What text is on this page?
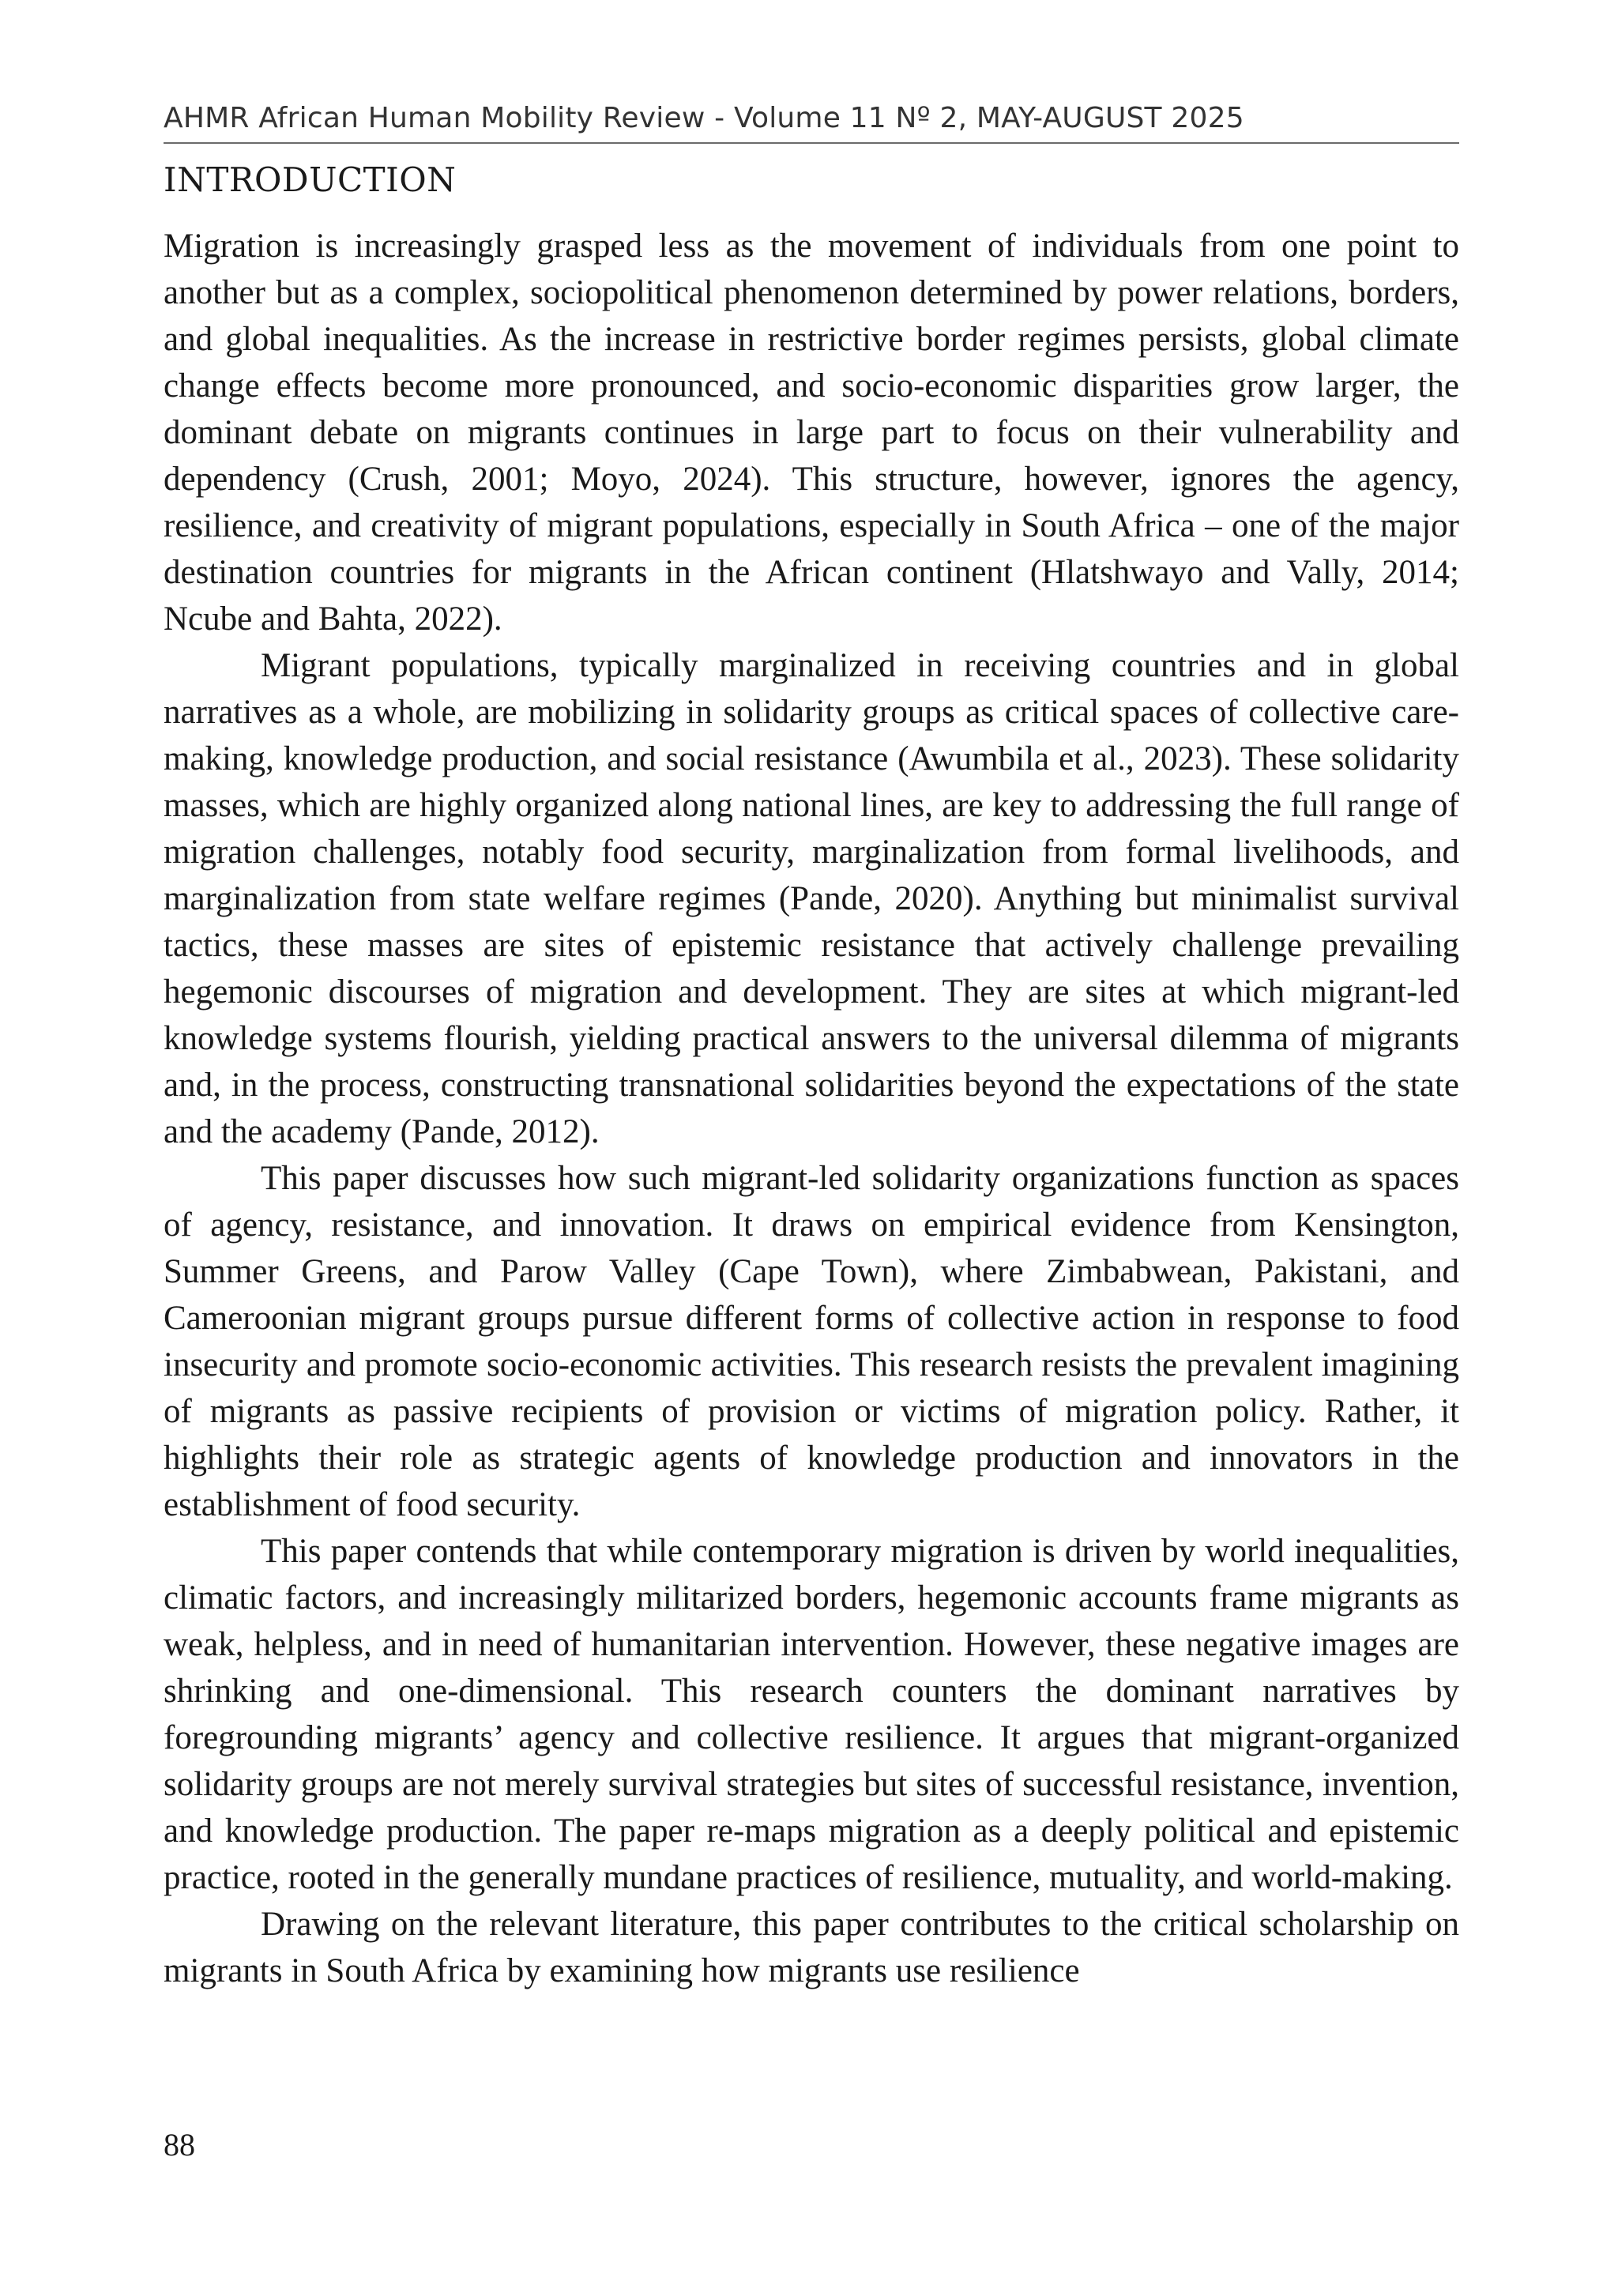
AHMR African Human Mobility Review - Volume 11 Nº 2, MAY-AUGUST 2025
INTRODUCTION

Migration is increasingly grasped less as the movement of individuals from one point to another but as a complex, sociopolitical phenomenon determined by power relations, borders, and global inequalities. As the increase in restrictive border regimes persists, global climate change effects become more pronounced, and socio-economic disparities grow larger, the dominant debate on migrants continues in large part to focus on their vulnerability and dependency (Crush, 2001; Moyo, 2024). This structure, however, ignores the agency, resilience, and creativity of migrant populations, especially in South Africa – one of the major destination countries for migrants in the African continent (Hlatshwayo and Vally, 2014; Ncube and Bahta, 2022).

Migrant populations, typically marginalized in receiving countries and in global narratives as a whole, are mobilizing in solidarity groups as critical spaces of collective care-making, knowledge production, and social resistance (Awumbila et al., 2023). These solidarity masses, which are highly organized along national lines, are key to addressing the full range of migration challenges, notably food security, marginalization from formal livelihoods, and marginalization from state welfare regimes (Pande, 2020). Anything but minimalist survival tactics, these masses are sites of epistemic resistance that actively challenge prevailing hegemonic discourses of migration and development. They are sites at which migrant-led knowledge systems flourish, yielding practical answers to the universal dilemma of migrants and, in the process, constructing transnational solidarities beyond the expectations of the state and the academy (Pande, 2012).

This paper discusses how such migrant-led solidarity organizations function as spaces of agency, resistance, and innovation. It draws on empirical evidence from Kensington, Summer Greens, and Parow Valley (Cape Town), where Zimbabwean, Pakistani, and Cameroonian migrant groups pursue different forms of collective action in response to food insecurity and promote socio-economic activities. This research resists the prevalent imagining of migrants as passive recipients of provision or victims of migration policy. Rather, it highlights their role as strategic agents of knowledge production and innovators in the establishment of food security.

This paper contends that while contemporary migration is driven by world inequalities, climatic factors, and increasingly militarized borders, hegemonic accounts frame migrants as weak, helpless, and in need of humanitarian intervention. However, these negative images are shrinking and one-dimensional. This research counters the dominant narratives by foregrounding migrants’ agency and collective resilience. It argues that migrant-organized solidarity groups are not merely survival strategies but sites of successful resistance, invention, and knowledge production. The paper re-maps migration as a deeply political and epistemic practice, rooted in the generally mundane practices of resilience, mutuality, and world-making.

Drawing on the relevant literature, this paper contributes to the critical scholarship on migrants in South Africa by examining how migrants use resilience

88
